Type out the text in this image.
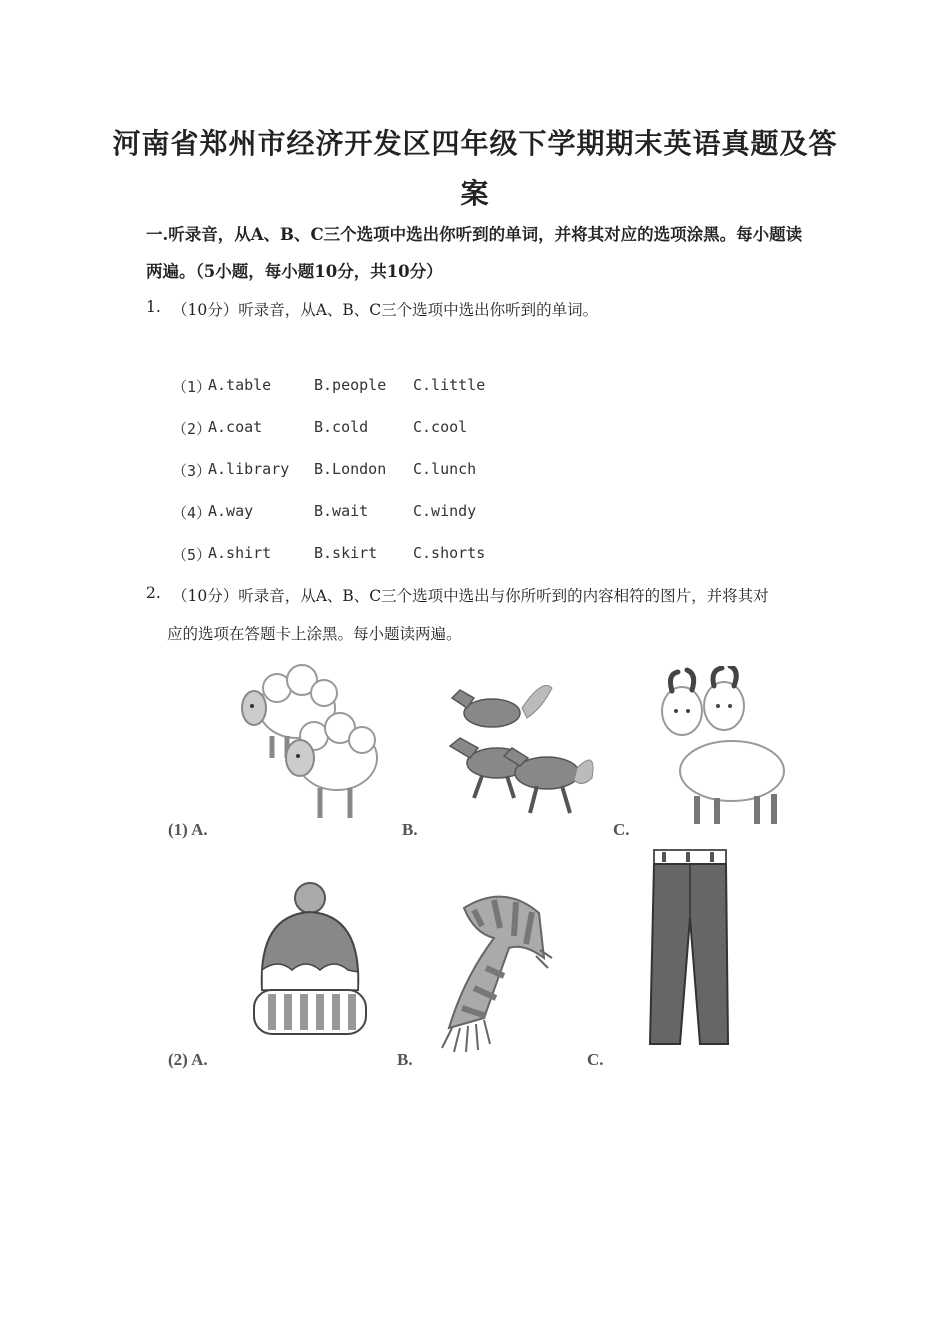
河南省郑州市经济开发区四年级下学期期末英语真题及答
案
一.听录音，从A、B、C三个选项中选出你听到的单词，并将其对应的选项涂黑。每小题读
两遍。（5小题，每小题10分，共10分）
1. （10分）听录音，从A、B、C三个选项中选出你听到的单词。
（1）
A.table	B.people C.little
（2）
A.coat	B.cold	C.cool
（3）
A.library B.London C.lunch
（4）
A.way	B.wait	C.windy
（5）
A.shirt	B.skirt C.shorts
2. （10分）听录音，从A、B、C三个选项中选出与你所听到的内容相符的图片，并将其对
应的选项在答题卡上涂黑。每小题读两遍。
(1) A.	B.	C.
(2) A.	B.	C.
